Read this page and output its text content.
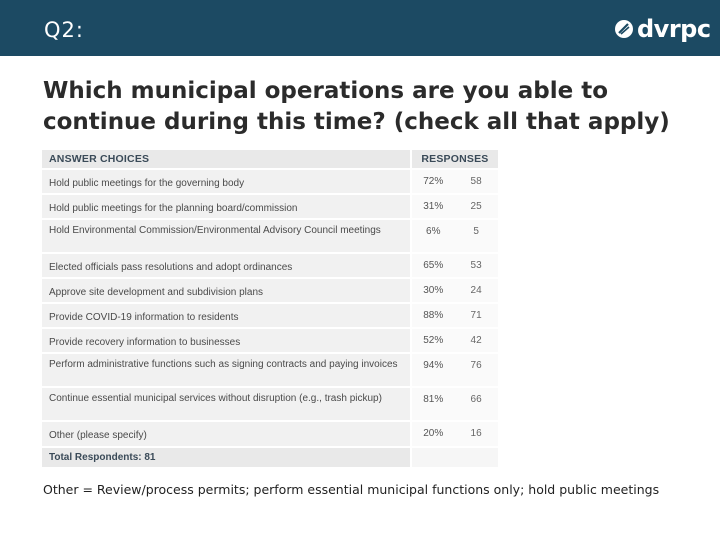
Q2:	dvrpc
Which municipal operations are you able to continue during this time? (check all that apply)
ANSWER CHOICES	RESPONSES	
Hold public meetings for the governing body	72%	58
Hold public meetings for the planning board/commission	31%	25
Hold Environmental Commission/Environmental Advisory Council meetings	6%	5
Elected officials pass resolutions and adopt ordinances	65%	53
Approve site development and subdivision plans	30%	24
Provide COVID-19 information to residents	88%	71
Provide recovery information to businesses	52%	42
Perform administrative functions such as signing contracts and paying invoices	94%	76
Continue essential municipal services without disruption (e.g., trash pickup)	81%	66
Other (please specify)	20%	16
Total Respondents: 81		
Other = Review/process permits; perform essential municipal functions only; hold public meetings
